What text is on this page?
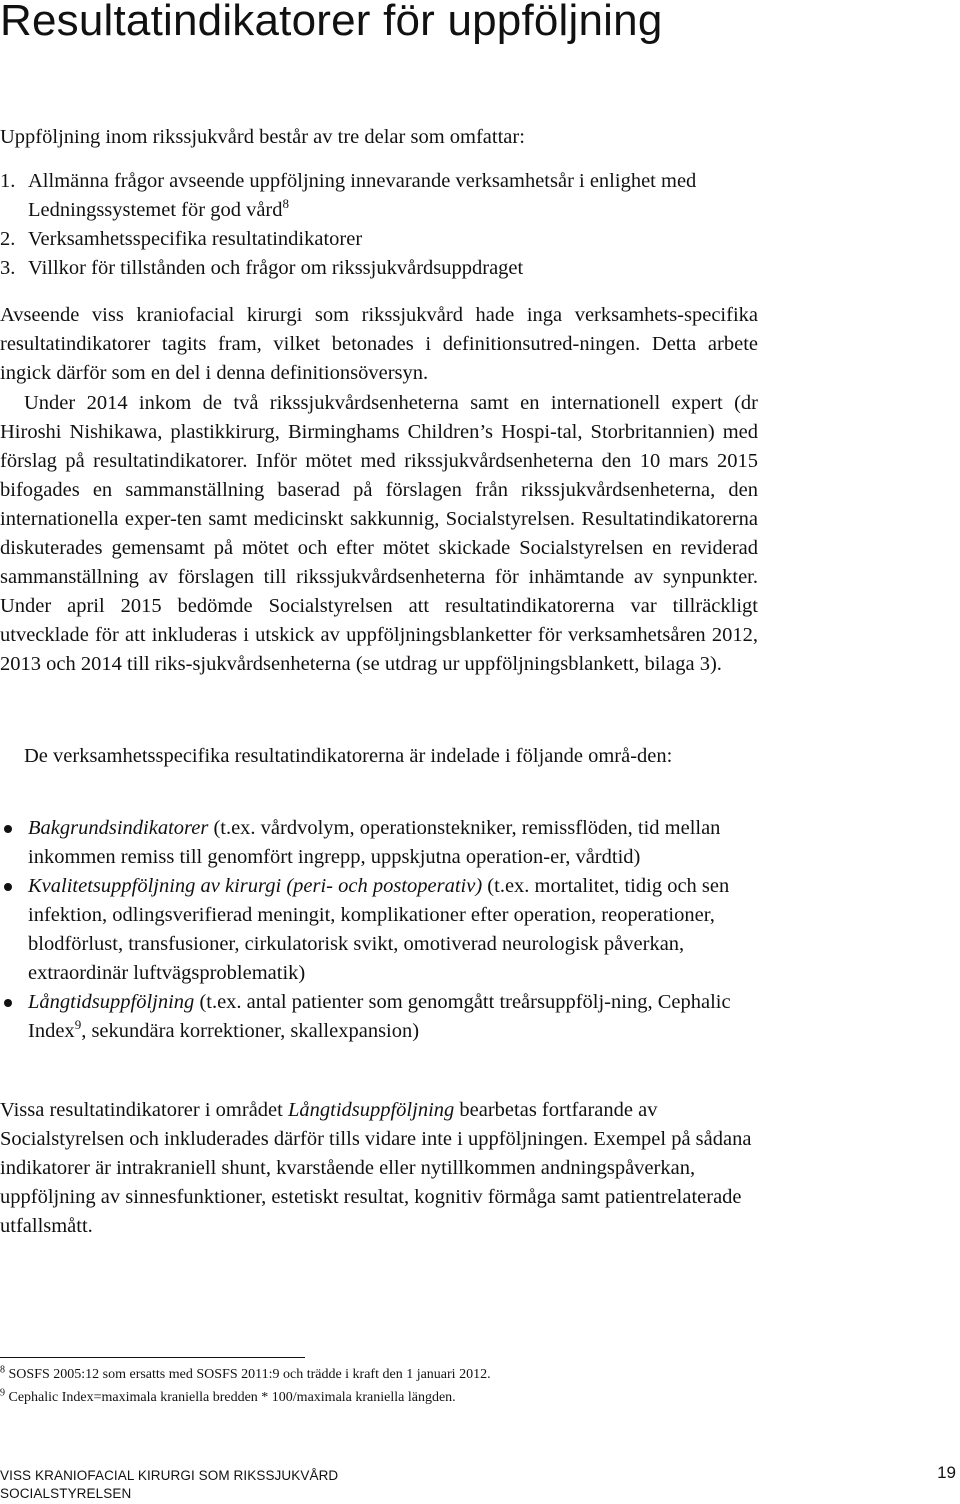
Resultatindikatorer för uppföljning

Uppföljning inom rikssjukvård består av tre delar som omfattar:

1. Allmänna frågor avseende uppföljning innevarande verksamhetsår i enlighet med Ledningssystemet för god vård$^8$
2. Verksamhetsspecifika resultatindikatorer
3. Villkor för tillstånden och frågor om rikssjukvårdsuppdraget

Avseende viss kraniofacial kirurgi som rikssjukvård hade inga verksamhets-specifika resultatindikatorer tagits fram, vilket betonades i definitionsutred-ningen. Detta arbete ingick därför som en del i denna definitionsöversyn.

Under 2014 inkom de två rikssjukvårdsenheterna samt en internationell expert (dr Hiroshi Nishikawa, plastikkirurg, Birminghams Children’s Hospi-tal, Storbritannien) med förslag på resultatindikatorer. Inför mötet med rikssjukvårdsenheterna den 10 mars 2015 bifogades en sammanställning baserad på förslagen från rikssjukvårdsenheterna, den internationella exper-ten samt medicinskt sakkunnig, Socialstyrelsen. Resultatindikatorerna diskuterades gemensamt på mötet och efter mötet skickade Socialstyrelsen en reviderad sammanställning av förslagen till rikssjukvårdsenheterna för inhämtande av synpunkter. Under april 2015 bedömde Socialstyrelsen att resultatindikatorerna var tillräckligt utvecklade för att inkluderas i utskick av uppföljningsblanketter för verksamhetsåren 2012, 2013 och 2014 till riks-sjukvårdsenheterna (se utdrag ur uppföljningsblankett, bilaga 3).

De verksamhetsspecifika resultatindikatorerna är indelade i följande områ-den:

Bakgrundsindikatorer (t.ex. vårdvolym, operationstekniker, remissflöden, tid mellan inkommen remiss till genomfört ingrepp, uppskjutna operation-er, vårdtid)
Kvalitetsuppföljning av kirurgi (peri- och postoperativ) (t.ex. mortalitet, tidig och sen infektion, odlingsverifierad meningit, komplikationer efter operation, reoperationer, blodförlust, transfusioner, cirkulatorisk svikt, omotiverad neurologisk påverkan, extraordinär luftvägsproblematik)
Långtidsuppföljning (t.ex. antal patienter som genomgått treårsuppfölj-ning, Cephalic Index$^9$, sekundära korrektioner, skallexpansion)

Vissa resultatindikatorer i området Långtidsuppföljning bearbetas fortfarande av Socialstyrelsen och inkluderades därför tills vidare inte i uppföljningen. Exempel på sådana indikatorer är intrakraniell shunt, kvarstående eller nytillkommen andningspåverkan, uppföljning av sinnesfunktioner, estetiskt resultat, kognitiv förmåga samt patientrelaterade utfallsmått.

$^8$ SOSFS 2005:12 som ersatts med SOSFS 2011:9 och trädde i kraft den 1 januari 2012.
$^9$ Cephalic Index=maximala kraniella bredden * 100/maximala kraniella längden.
VISS KRANIOFACIAL KIRURGI SOM RIKSSJUKVÅRD
SOCIALSTYRELSEN
19
